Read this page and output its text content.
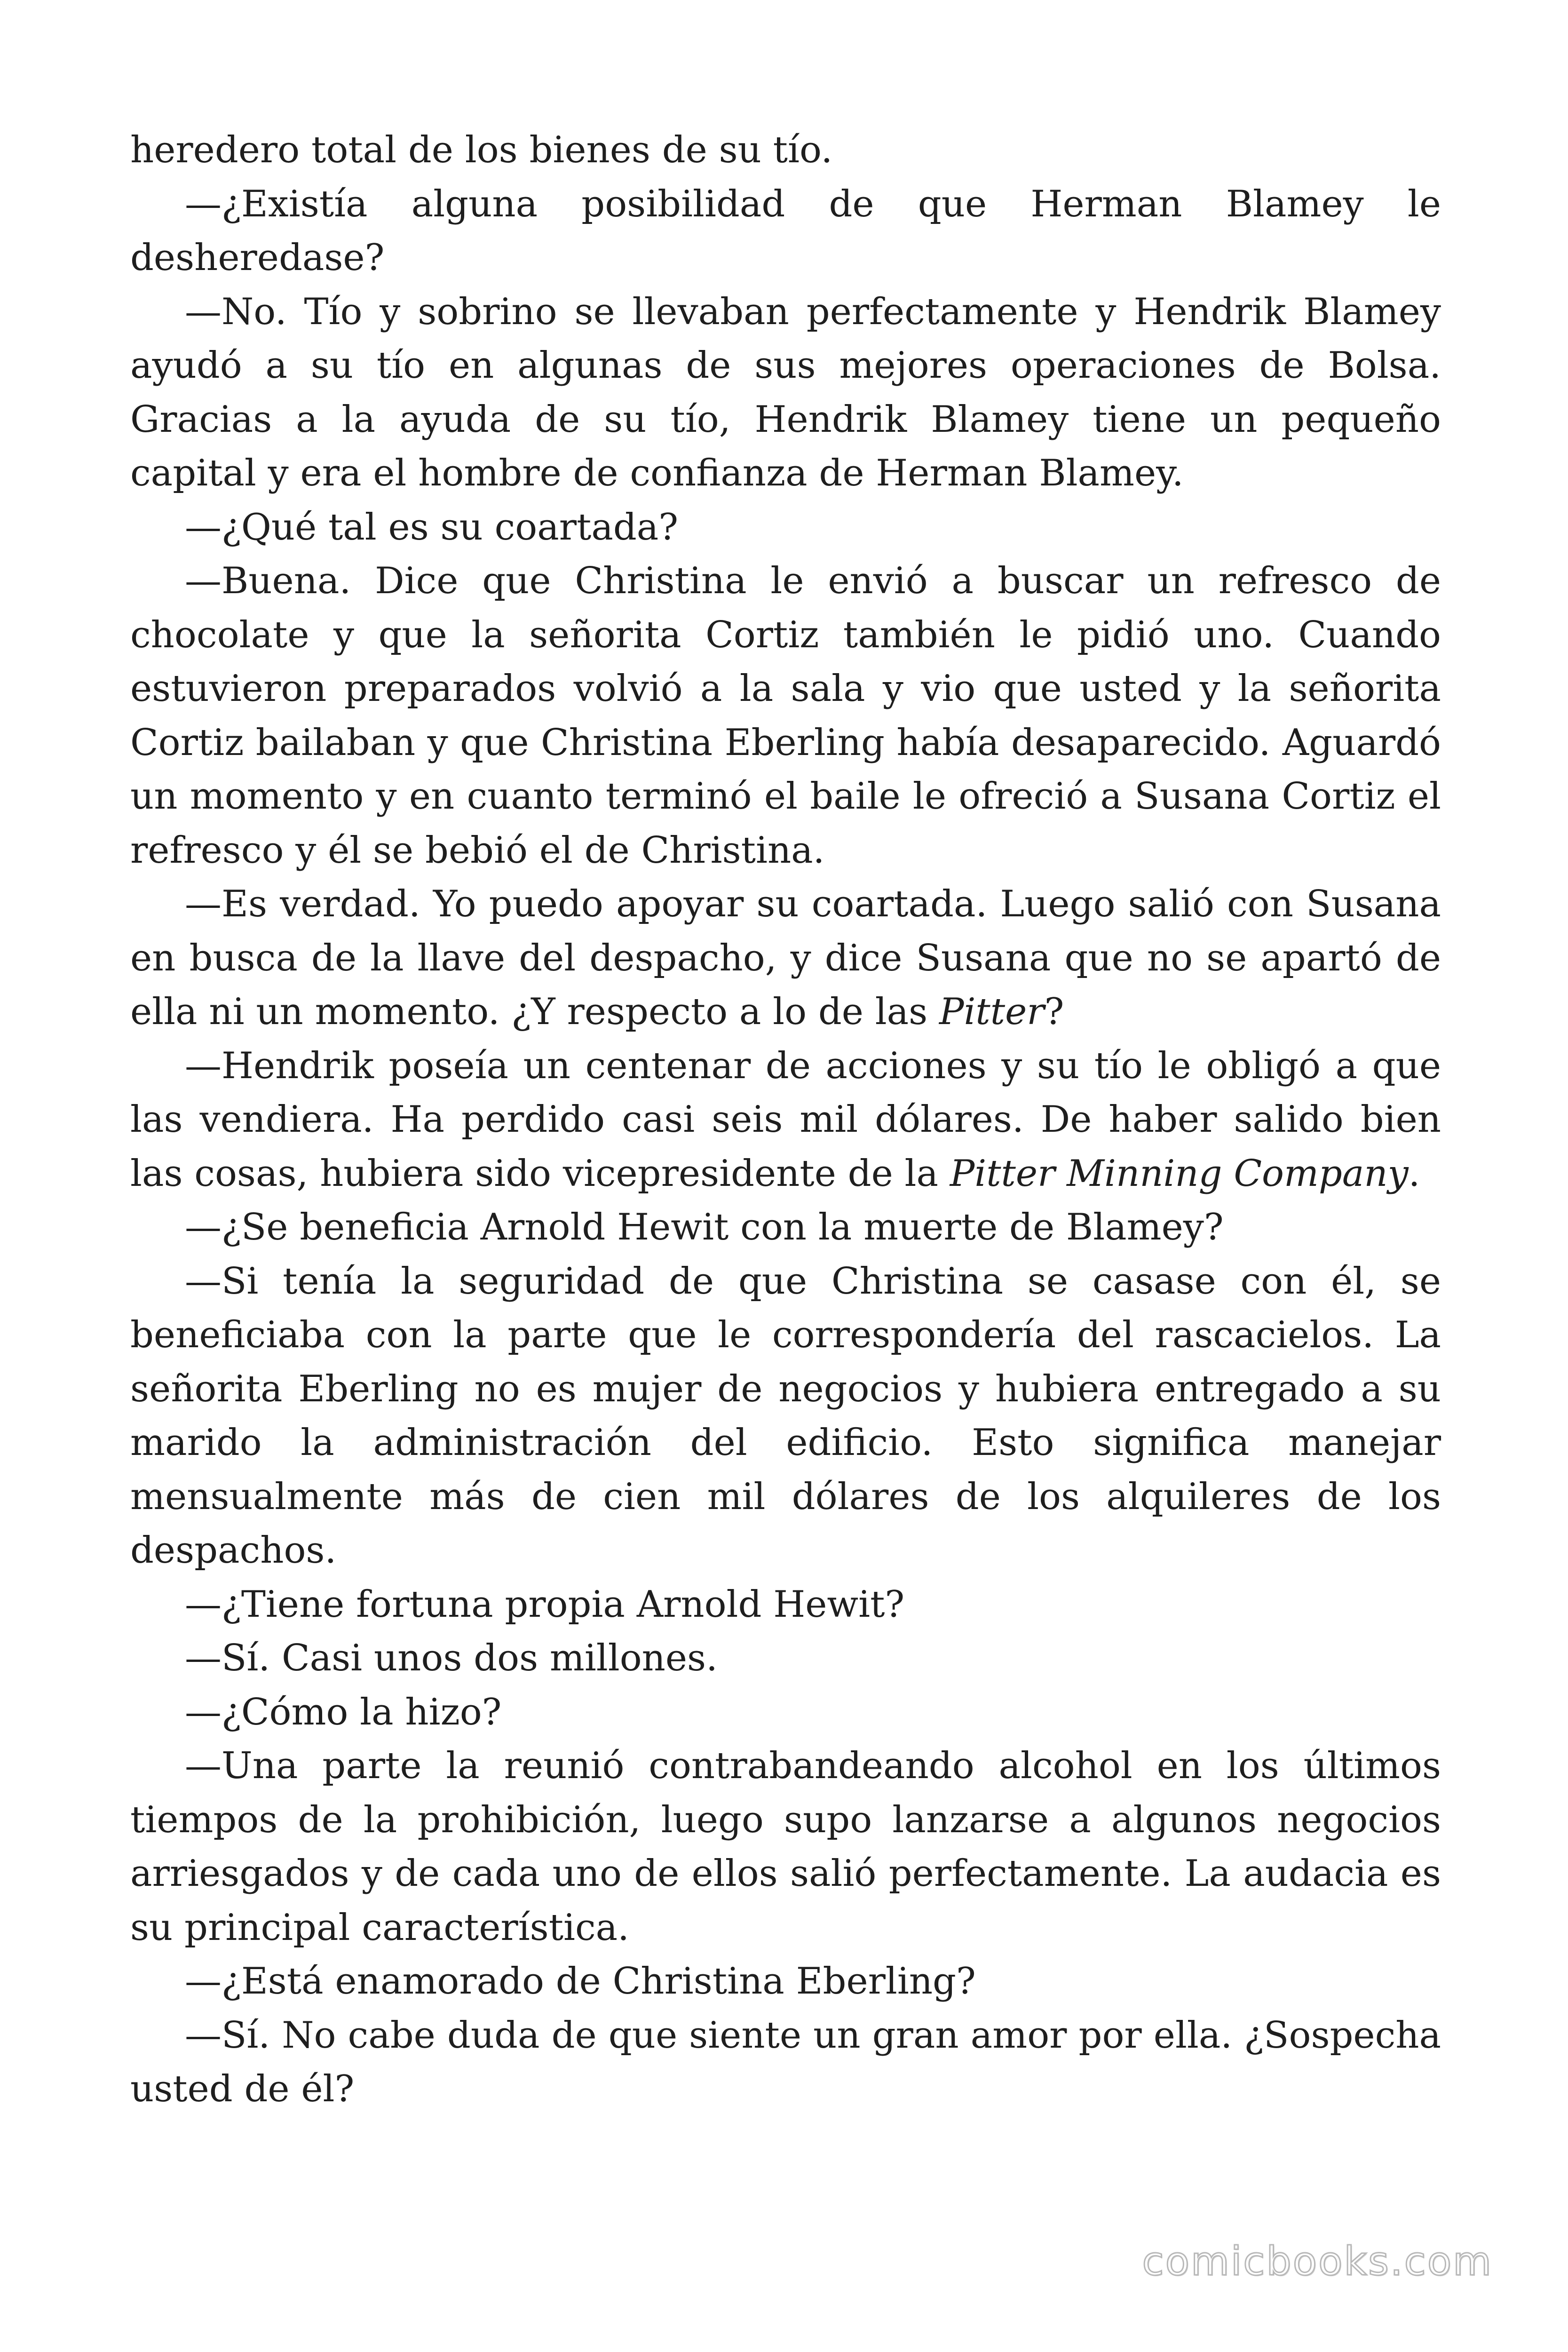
heredero total de los bienes de su tío.

—¿Existía alguna posibilidad de que Herman Blamey le desheredase?

—No. Tío y sobrino se llevaban perfectamente y Hendrik Blamey ayudó a su tío en algunas de sus mejores operaciones de Bolsa. Gracias a la ayuda de su tío, Hendrik Blamey tiene un pequeño capital y era el hombre de confianza de Herman Blamey.

—¿Qué tal es su coartada?

—Buena. Dice que Christina le envió a buscar un refresco de chocolate y que la señorita Cortiz también le pidió uno. Cuando estuvieron preparados volvió a la sala y vio que usted y la señorita Cortiz bailaban y que Christina Eberling había desaparecido. Aguardó un momento y en cuanto terminó el baile le ofreció a Susana Cortiz el refresco y él se bebió el de Christina.

—Es verdad. Yo puedo apoyar su coartada. Luego salió con Susana en busca de la llave del despacho, y dice Susana que no se apartó de ella ni un momento. ¿Y respecto a lo de las Pitter?

—Hendrik poseía un centenar de acciones y su tío le obligó a que las vendiera. Ha perdido casi seis mil dólares. De haber salido bien las cosas, hubiera sido vicepresidente de la Pitter Minning Company.

—¿Se beneficia Arnold Hewit con la muerte de Blamey?

—Si tenía la seguridad de que Christina se casase con él, se beneficiaba con la parte que le correspondería del rascacielos. La señorita Eberling no es mujer de negocios y hubiera entregado a su marido la administración del edificio. Esto significa manejar mensualmente más de cien mil dólares de los alquileres de los despachos.

—¿Tiene fortuna propia Arnold Hewit?

—Sí. Casi unos dos millones.

—¿Cómo la hizo?

—Una parte la reunió contrabandeando alcohol en los últimos tiempos de la prohibición, luego supo lanzarse a algunos negocios arriesgados y de cada uno de ellos salió perfectamente. La audacia es su principal característica.

—¿Está enamorado de Christina Eberling?

—Sí. No cabe duda de que siente un gran amor por ella. ¿Sospecha usted de él?

comicbooks.com
